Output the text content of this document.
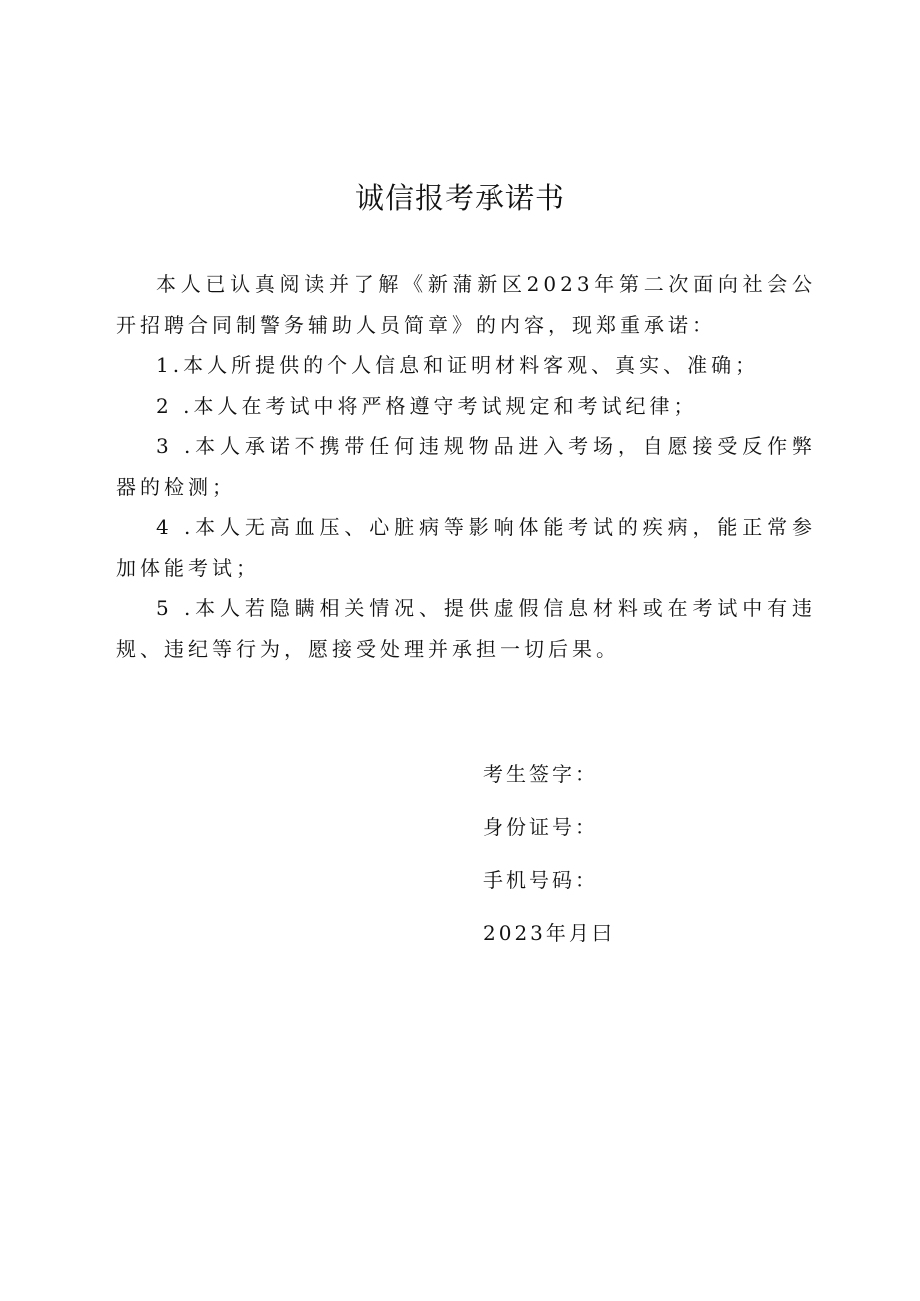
诚信报考承诺书

本人已认真阅读并了解《新蒲新区2023年第二次面向社会公开招聘合同制警务辅助人员简章》的内容，现郑重承诺：

1.本人所提供的个人信息和证明材料客观、真实、准确；

2 .本人在考试中将严格遵守考试规定和考试纪律；

3 .本人承诺不携带任何违规物品进入考场，自愿接受反作弊器的检测；

4 .本人无高血压、心脏病等影响体能考试的疾病，能正常参加体能考试；

5 .本人若隐瞒相关情况、提供虚假信息材料或在考试中有违规、违纪等行为，愿接受处理并承担一切后果。

考生签字：
身份证号：
手机号码：
2023年月曰
